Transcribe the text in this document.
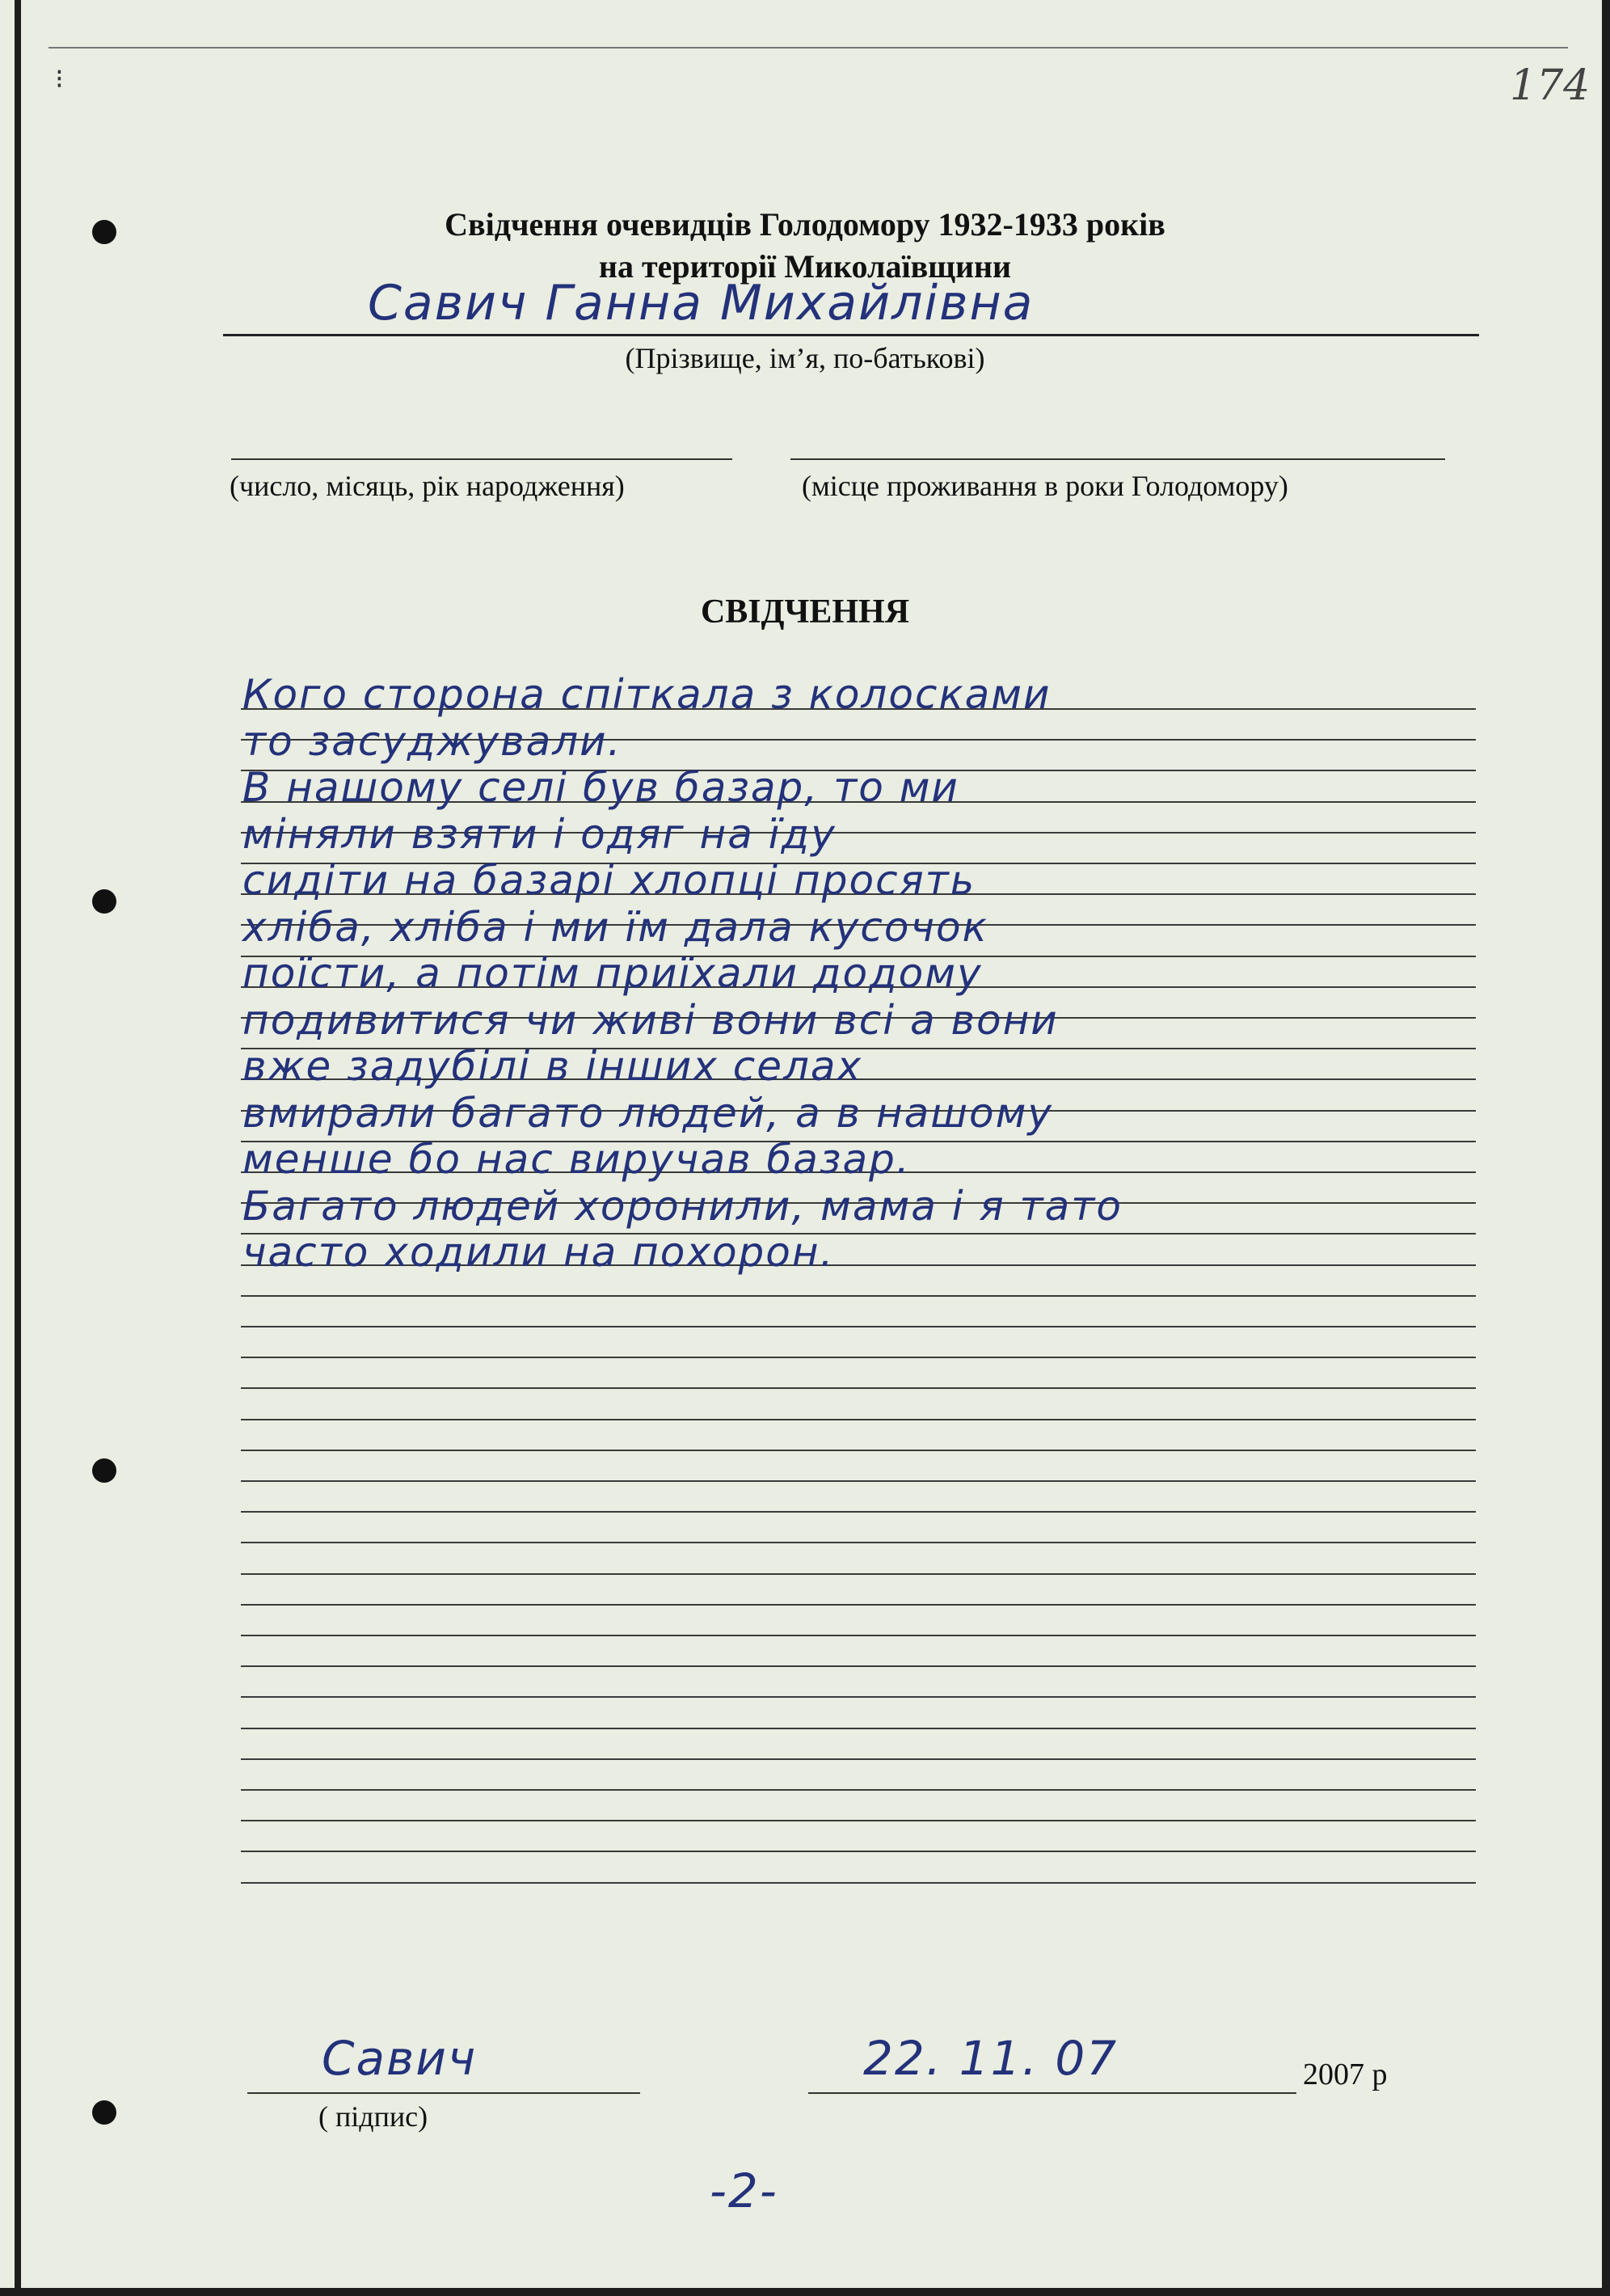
⁝	174
Свідчення очевидців Голодомору 1932-1933 років
на території Миколаївщини
Савич Ганна Михайлівна
(Прізвище, ім’я, по-батькові)
(число, місяць, рік народження)	(місце проживання в роки Голодомору)
СВІДЧЕННЯ
Кого сторона спіткала з колосками
то засуджували.
В нашому селі був базар, то ми
міняли взяти і одяг на їду
сидіти на базарі хлопці просять
хліба, хліба і ми їм дала кусочок
поїсти, а потім приїхали додому
подивитися чи живі вони всі а вони
вже задубілі в інших селах
вмирали багато людей, а в нашому
менше бо нас виручав базар.
Багато людей хоронили, мама і я тато
часто ходили на похорон.
Савич
( підпис)
22. 11. 07	2007 р
-2-
